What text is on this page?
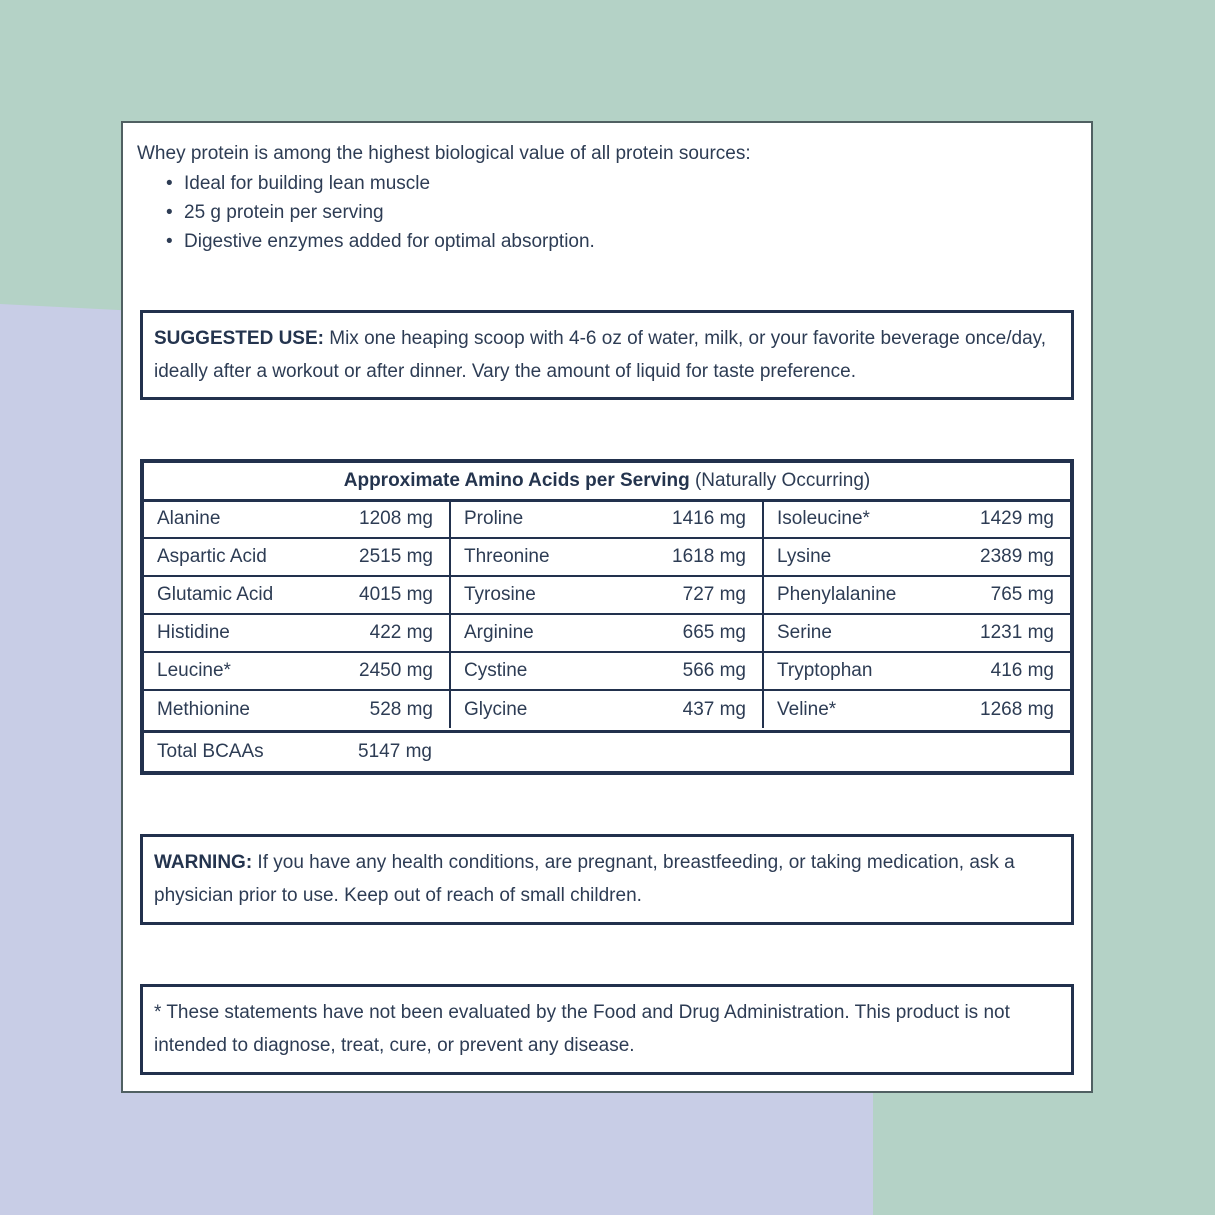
Whey protein is among the highest biological value of all protein sources:

• Ideal for building lean muscle
• 25 g protein per serving
• Digestive enzymes added for optimal absorption.
SUGGESTED USE: Mix one heaping scoop with 4-6 oz of water, milk, or your favorite beverage once/day, ideally after a workout or after dinner. Vary the amount of liquid for taste preference.
Approximate Amino Acids per Serving (Naturally Occurring)					
Alanine	1208 mg	Proline	1416 mg	Isoleucine*	1429 mg
Aspartic Acid	2515 mg	Threonine	1618 mg	Lysine	2389 mg
Glutamic Acid	4015 mg	Tyrosine	727 mg	Phenylalanine	765 mg
Histidine	422 mg	Arginine	665 mg	Serine	1231 mg
Leucine*	2450 mg	Cystine	566 mg	Tryptophan	416 mg
Methionine	528 mg	Glycine	437 mg	Veline*	1268 mg
Total BCAAs	5147 mg
WARNING: If you have any health conditions, are pregnant, breastfeeding, or taking medication, ask a physician prior to use. Keep out of reach of small children.
* These statements have not been evaluated by the Food and Drug Administration. This product is not intended to diagnose, treat, cure, or prevent any disease.
